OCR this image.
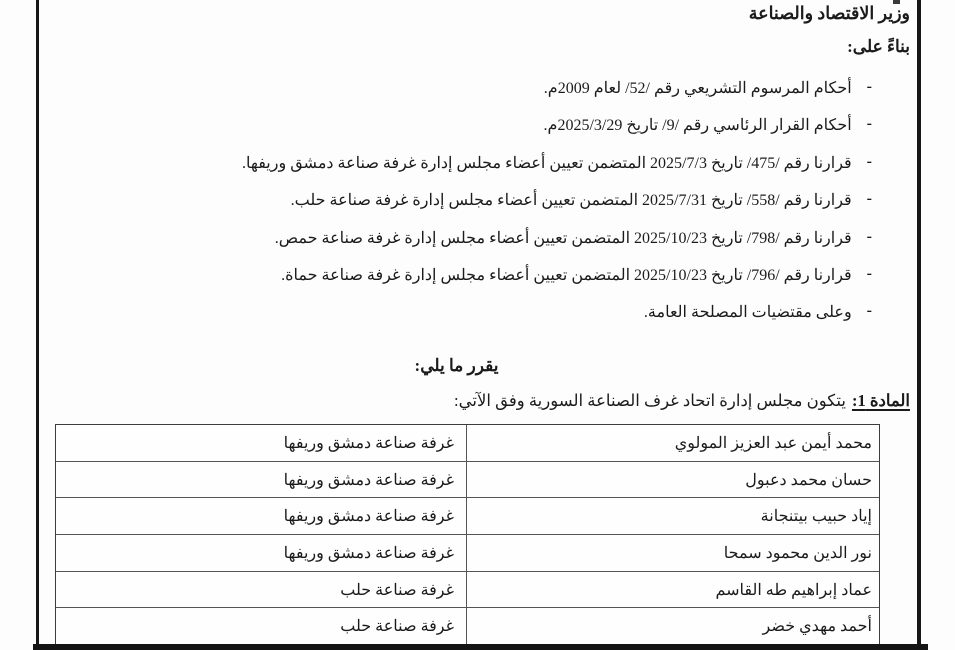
وزير الاقتصاد والصناعة
بناءً على:
-أحكام المرسوم التشريعي رقم /52/ لعام 2009م.
-أحكام القرار الرئاسي رقم /9/ تاريخ 2025/3/29م.
-قرارنا رقم /475/ تاريخ 2025/7/3 المتضمن تعيين أعضاء مجلس إدارة غرفة صناعة دمشق وريفها.
-قرارنا رقم /558/ تاريخ 2025/7/31 المتضمن تعيين أعضاء مجلس إدارة غرفة صناعة حلب.
-قرارنا رقم /798/ تاريخ 2025/10/23 المتضمن تعيين أعضاء مجلس إدارة غرفة صناعة حمص.
-قرارنا رقم /796/ تاريخ 2025/10/23 المتضمن تعيين أعضاء مجلس إدارة غرفة صناعة حماة.
-وعلى مقتضيات المصلحة العامة.
يقرر ما يلي:
المادة 1:يتكون مجلس إدارة اتحاد غرف الصناعة السورية وفق الآتي:
محمد أيمن عبد العزيز المولوي
غرفة صناعة دمشق وريفها
حسان محمد دعبول
غرفة صناعة دمشق وريفها
إياد حبيب بيتنجانة
غرفة صناعة دمشق وريفها
نور الدين محمود سمحا
غرفة صناعة دمشق وريفها
عماد إبراهيم طه القاسم
غرفة صناعة حلب
أحمد مهدي خضر
غرفة صناعة حلب
